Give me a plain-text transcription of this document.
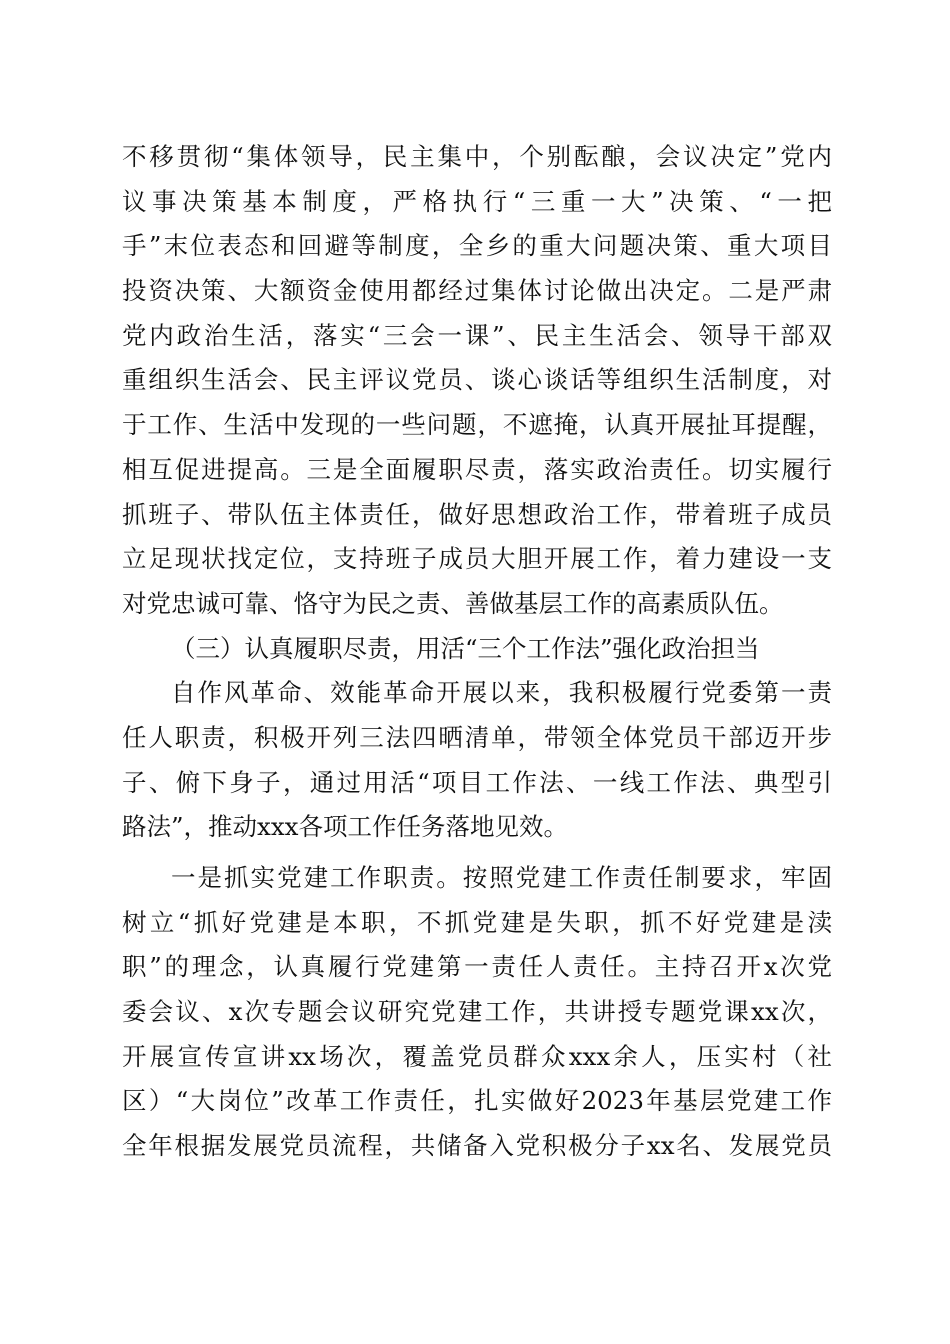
不移贯彻“集体领导，民主集中，个别酝酿，会议决定”党内
议事决策基本制度，严格执行“三重一大”决策、“一把
手”末位表态和回避等制度，全乡的重大问题决策、重大项目
投资决策、大额资金使用都经过集体讨论做出决定。二是严肃
党内政治生活，落实“三会一课”、民主生活会、领导干部双
重组织生活会、民主评议党员、谈心谈话等组织生活制度，对
于工作、生活中发现的一些问题，不遮掩，认真开展扯耳提醒，
相互促进提高。三是全面履职尽责，落实政治责任。切实履行
抓班子、带队伍主体责任，做好思想政治工作，带着班子成员
立足现状找定位，支持班子成员大胆开展工作，着力建设一支
对党忠诚可靠、恪守为民之责、善做基层工作的高素质队伍。
（三）认真履职尽责，用活“三个工作法”强化政治担当
自作风革命、效能革命开展以来，我积极履行党委第一责
任人职责，积极开列三法四晒清单，带领全体党员干部迈开步
子、俯下身子，通过用活“项目工作法、一线工作法、典型引
路法”，推动xxx各项工作任务落地见效。
一是抓实党建工作职责。按照党建工作责任制要求，牢固
树立“抓好党建是本职，不抓党建是失职，抓不好党建是渎
职”的理念，认真履行党建第一责任人责任。主持召开x次党
委会议、x次专题会议研究党建工作，共讲授专题党课xx次，
开展宣传宣讲xx场次，覆盖党员群众xxx余人，压实村（社
区）“大岗位”改革工作责任，扎实做好2023年基层党建工作
全年根据发展党员流程，共储备入党积极分子xx名、发展党员
